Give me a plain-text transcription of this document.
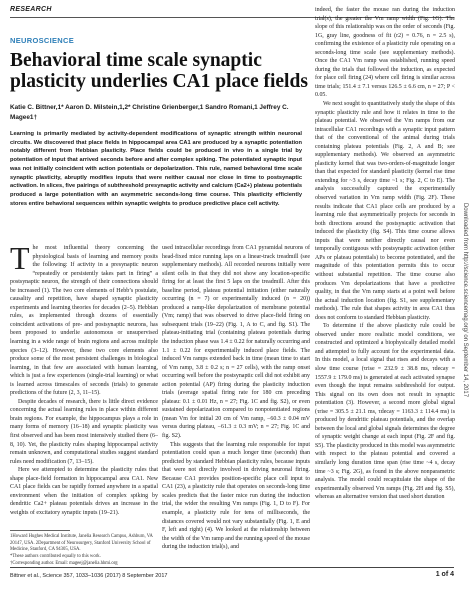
RESEARCH
NEUROSCIENCE
Behavioral time scale synaptic plasticity underlies CA1 place fields
Katie C. Bittner,1* Aaron D. Milstein,1,2* Christine Grienberger,1 Sandro Romani,1 Jeffrey C. Magee1†
Learning is primarily mediated by activity-dependent modifications of synaptic strength within neuronal circuits. We discovered that place fields in hippocampal area CA1 are produced by a synaptic potentiation notably different from Hebbian plasticity. Place fields could be produced in vivo in a single trial by potentiation of input that arrived seconds before and after complex spiking. The potentiated synaptic input was not initially coincident with action potentials or depolarization. This rule, named behavioral time scale synaptic plasticity, abruptly modifies inputs that were neither causal nor close in time to postsynaptic activation. In slices, five pairings of subthreshold presynaptic activity and calcium (Ca2+) plateau potentials produced a large potentiation with an asymmetric seconds-long time course. This plasticity efficiently stores entire behavioral sequences within synaptic weights to produce predictive place cell activity.

The most influential theory concerning the physiological basis of learning and memory posits the following: If activity in a presynaptic neuron “repeatedly or persistently takes part in firing” a postsynaptic neuron, the strength of their connections should be increased (1). The two core elements of Hebb’s postulate, causality and repetition, have shaped synaptic plasticity experiments and learning theories for decades (2–5). Hebbian rules, as implemented through dozens of essentially coincident activations of pre- and postsynaptic neurons, has been proposed to underlie autonomous or unsupervised learning in a wide range of brain regions and across multiple species (3–12). However, these two core elements also produce some of the most persistent challenges in biological learning, in that few are associated with human learning, which is just a few experiences (single-trial learning) or what is learned across timescales of seconds (trials) to generate predictions of the future (2, 3, 11–15).

Despite decades of research, there is little direct evidence concerning the actual learning rules in place within different brain regions. For example, the hippocampus plays a role in many forms of memory (16–18) and synaptic plasticity was first observed and has been most intensively studied there (6–8, 10). Yet, the plasticity rules shaping hippocampal activity remain unknown, and computational studies suggest standard rules need modification (7, 13–15).

Here we attempted to determine the plasticity rules that shape place-field formation in hippocampal area CA1. New CA1 place fields can be rapidly formed anywhere in a spatial environment when the initiation of complex spiking by dendritic Ca2+ plateau potentials drives an increase in the weights of excitatory synaptic inputs (19–21).

1Howard Hughes Medical Institute, Janelia Research Campus, Ashburn, VA 20147, USA. 2Department of Neurosurgery, Stanford University School of Medicine, Stanford, CA 94305, USA.
*These authors contributed equally to this work.
†Corresponding author. Email: mageej@janelia.hhmi.org

used intracellular recordings from CA1 pyramidal neurons of head-fixed mice running laps on a linear-track treadmill (see supplementary methods). All recorded neurons initially were silent cells in that they did not show any location-specific firing for at least the first 5 laps on the treadmill. After this baseline period, plateau potential initiation (either naturally occurring (n = 7) or experimentally induced (n = 20)) produced a ramp-like depolarization of membrane potential (Vm; ramp) that was observed to drive place-field firing on subsequent trials (19–22) (Fig. 1, A to C, and fig. S1). The plateau-initiating trial (containing plateau potentials during the induction phase was 1.4 ± 0.22 for naturally occurring and 1.1 ± 0.22 for experimentally induced place fields. The induced Vm ramps extended back in time (mean time to start of Vm ramp, 3.8 ± 0.2 s; n = 27 cells), with the ramp onset occurring well before the postsynaptic cell did not exhibit any action potential (AP) firing during the plasticity induction trials (average spatial firing rate for 180 cm preceding plateau: 0.1 ± 0.01 Hz, n = 27; Fig. 1C and fig. S2), or even sustained depolarization compared to nonpotentiated regions (mean Vm for initial 20 cm of Vm ramp, −60.3 ± 0.04 mV versus during plateau, −61.3 ± 0.3 mV; n = 27; Fig. 1C and fig. S2).

This suggests that the learning rule responsible for input potentiation could span a much longer time (seconds) than predicted by standard Hebbian plasticity rules, because inputs that were not directly involved in driving neuronal firing. Because CA1 provides position-specific place cell input to CA1 (23), a plasticity rule that operates on seconds-long time scales predicts that the faster mice run during the induction trial, the wider the resulting Vm ramps (Fig. 1, D to F). For example, a plasticity rule for tens of milliseconds, the distances covered would not vary substantially (Fig. 1, E and F, left and right) (4). We looked at the relationship between the width of the Vm ramp and the running speed of the mouse during the induction trial(s), and

indeed, the faster the mouse ran during the induction trial(s), the greater the Vm ramp width (Fig. 1G). The slope of this relationship was on the order of seconds (Fig. 1G, gray line, goodness of fit (r2) = 0.76, n = 2.5 s), confirming the existence of a plasticity rule operating on a seconds-long time scale (see supplementary methods). Once the CA1 Vm ramp was established, running speed during the trials that followed the induction, as expected for place cell firing (24) where cell firing is similar across time trials; 151.4 ± 7.1 versus 126.5 ± 6.6 cm, n = 27; P < 0.05.

We next sought to quantitatively study the shape of this synaptic plasticity rule and how it relates in time to the plateau potential. We observed the Vm ramps from our intracellular CA1 recordings with a synaptic input pattern that of the conventional of the animal during trials containing plateau potentials (Fig. 2, A and B; see supplementary methods). We observed an asymmetric plasticity kernel that was two-orders-of-magnitude longer than that expected for standard plasticity (kernel rise time extending for ~3 s, decay time ~1 s; Fig. 2, C to E). The analysis successfully captured the experimentally observed variation in Vm ramp width (Fig. 2F). These results indicate that CA1 place cells are produced by a learning rule that asymmetrically projects for seconds in both directions around the postsynaptic activation that induced the plasticity (fig. S4). This time course allows inputs that were neither directly causal nor even temporally contiguous with postsynaptic activation (either APs or plateau potentials) to become potentiated, and the magnitude of this potentiation permits this to occur without substantial repetition. The time course also produces Vm depolarizations that have a predictive quality, in that the Vm ramp starts at a point well before the actual induction location (fig. S1, see supplementary methods). The rule that shapes activity in area CA1 thus does not conform to standard Hebbian plasticity.

To determine if the above plasticity rule could be observed under more realistic model conditions, we constructed and optimized a biophysically detailed model and attempted to fully account for the experimental data. In this model, a local signal that rises and decays with a slow time course (τrise = 232.9 ± 38.8 ms, τdecay = 1557.9 ± 179.0 ms) is generated at each activated synapse even though the input remains subthreshold for output. This signal on its own does not result in synaptic potentiation (3). However, a second more global signal (τrise = 305.5 ± 21.1 ms, τdecay = 1163.3 ± 114.4 ms) is produced by dendritic plateau potentials, and the overlap between the local and global signals determines the degree of synaptic weight change at each input (Fig. 2F and fig. S5). The plasticity produced in this model was asymmetric with respect to the plateau potential and covered a similarly long duration time span (rise time ~4 s, decay time ~3 s; Fig. 2G), as found in the above nonparametric analysis. The model could recapitulate the shape of the experimentally observed Vm ramps (Fig. 2H and fig. S5), whereas an alternative version that used short duration

Bittner et al., Science 357, 1033–1036 (2017) 8 September 2017	1 of 4
Downloaded from http://science.sciencemag.org/ on September 14, 2017
